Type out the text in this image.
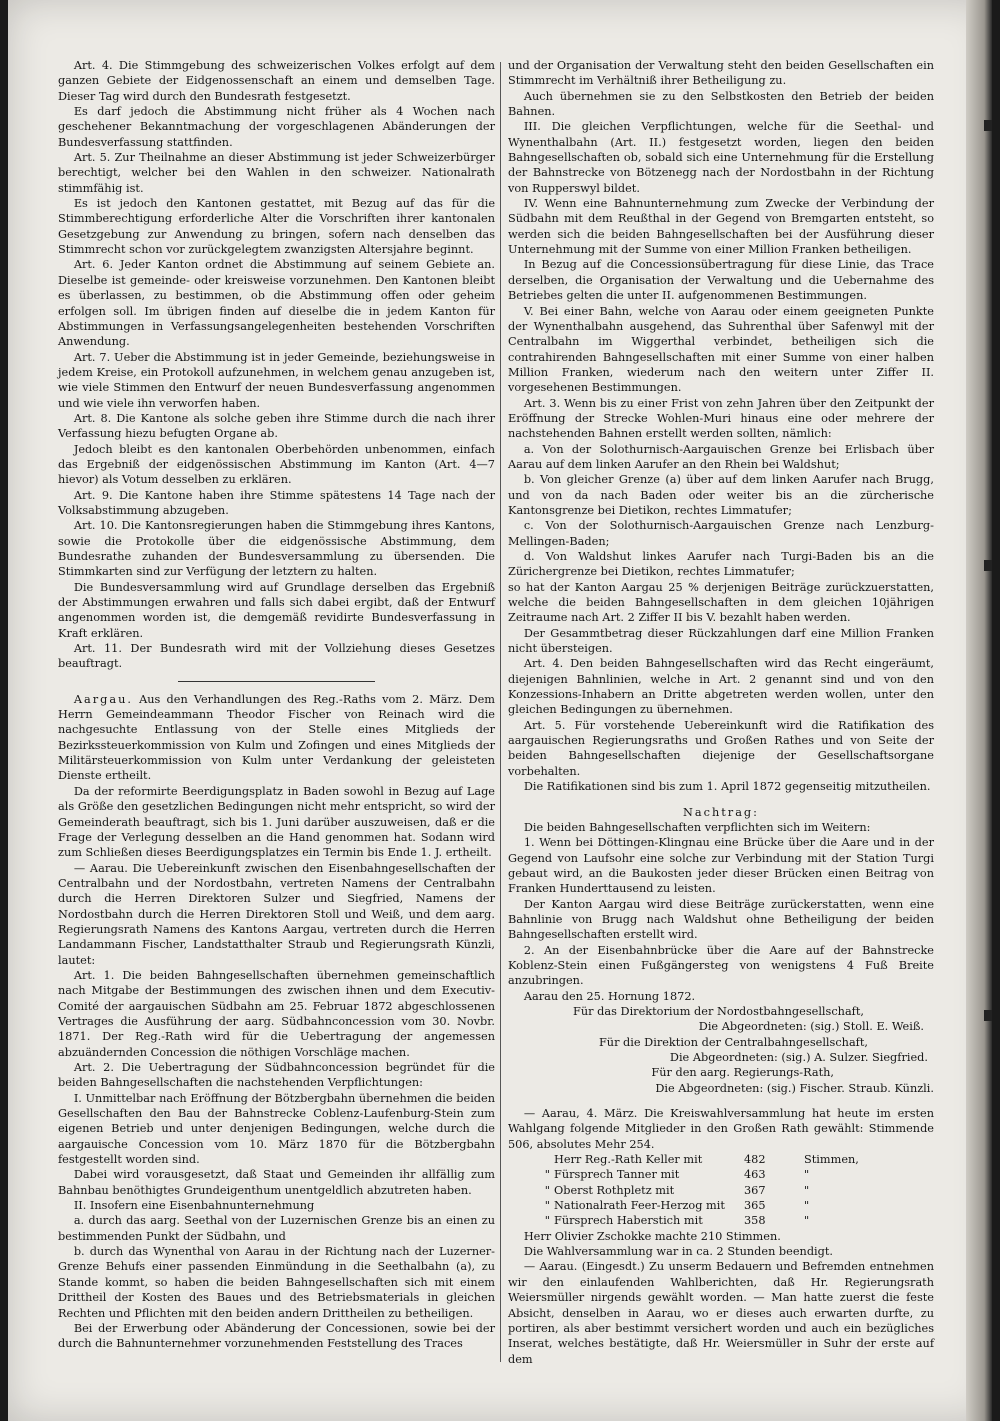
Art. 4. Die Stimmgebung des schweizerischen Volkes erfolgt auf dem ganzen Gebiete der Eidgenossenschaft an einem und demselben Tage. Dieser Tag wird durch den Bundesrath festgesetzt.

Es darf jedoch die Abstimmung nicht früher als 4 Wochen nach geschehener Bekanntmachung der vorgeschlagenen Abänderungen der Bundesverfassung stattfinden.

Art. 5. Zur Theilnahme an dieser Abstimmung ist jeder Schweizerbürger berechtigt, welcher bei den Wahlen in den schweizer. Nationalrath stimmfähig ist.

Es ist jedoch den Kantonen gestattet, mit Bezug auf das für die Stimmberechtigung erforderliche Alter die Vorschriften ihrer kantonalen Gesetzgebung zur Anwendung zu bringen, sofern nach denselben das Stimmrecht schon vor zurückgelegtem zwanzigsten Altersjahre beginnt.

Art. 6. Jeder Kanton ordnet die Abstimmung auf seinem Gebiete an. Dieselbe ist gemeinde- oder kreisweise vorzunehmen. Den Kantonen bleibt es überlassen, zu bestimmen, ob die Abstimmung offen oder geheim erfolgen soll. Im übrigen finden auf dieselbe die in jedem Kanton für Abstimmungen in Verfassungsangelegenheiten bestehenden Vorschriften Anwendung.

Art. 7. Ueber die Abstimmung ist in jeder Gemeinde, beziehungsweise in jedem Kreise, ein Protokoll aufzunehmen, in welchem genau anzugeben ist, wie viele Stimmen den Entwurf der neuen Bundesverfassung angenommen und wie viele ihn verworfen haben.

Art. 8. Die Kantone als solche geben ihre Stimme durch die nach ihrer Verfassung hiezu befugten Organe ab.

Jedoch bleibt es den kantonalen Oberbehörden unbenommen, einfach das Ergebniß der eidgenössischen Abstimmung im Kanton (Art. 4—7 hievor) als Votum desselben zu erklären.

Art. 9. Die Kantone haben ihre Stimme spätestens 14 Tage nach der Volksabstimmung abzugeben.

Art. 10. Die Kantonsregierungen haben die Stimmgebung ihres Kantons, sowie die Protokolle über die eidgenössische Abstimmung, dem Bundesrathe zuhanden der Bundesversammlung zu übersenden. Die Stimmkarten sind zur Verfügung der letztern zu halten.

Die Bundesversammlung wird auf Grundlage derselben das Ergebniß der Abstimmungen erwahren und falls sich dabei ergibt, daß der Entwurf angenommen worden ist, die demgemäß revidirte Bundesverfassung in Kraft erklären.

Art. 11. Der Bundesrath wird mit der Vollziehung dieses Gesetzes beauftragt.

Aargau. Aus den Verhandlungen des Reg.-Raths vom 2. März. Dem Herrn Gemeindeammann Theodor Fischer von Reinach wird die nachgesuchte Entlassung von der Stelle eines Mitglieds der Bezirkssteuerkommission von Kulm und Zofingen und eines Mitglieds der Militärsteuerkommission von Kulm unter Verdankung der geleisteten Dienste ertheilt.

Da der reformirte Beerdigungsplatz in Baden sowohl in Bezug auf Lage als Größe den gesetzlichen Bedingungen nicht mehr entspricht, so wird der Gemeinderath beauftragt, sich bis 1. Juni darüber auszuweisen, daß er die Frage der Verlegung desselben an die Hand genommen hat. Sodann wird zum Schließen dieses Beerdigungsplatzes ein Termin bis Ende 1. J. ertheilt.

— Aarau. Die Uebereinkunft zwischen den Eisenbahngesellschaften der Centralbahn und der Nordostbahn, vertreten Namens der Centralbahn durch die Herren Direktoren Sulzer und Siegfried, Namens der Nordostbahn durch die Herren Direktoren Stoll und Weiß, und dem aarg. Regierungsrath Namens des Kantons Aargau, vertreten durch die Herren Landammann Fischer, Landstatthalter Straub und Regierungsrath Künzli, lautet:

Art. 1. Die beiden Bahngesellschaften übernehmen gemeinschaftlich nach Mitgabe der Bestimmungen des zwischen ihnen und dem Executiv-Comité der aargauischen Südbahn am 25. Februar 1872 abgeschlossenen Vertrages die Ausführung der aarg. Südbahnconcession vom 30. Novbr. 1871. Der Reg.-Rath wird für die Uebertragung der angemessen abzuändernden Concession die nöthigen Vorschläge machen.

Art. 2. Die Uebertragung der Südbahnconcession begründet für die beiden Bahngesellschaften die nachstehenden Verpflichtungen:

I. Unmittelbar nach Eröffnung der Bötzbergbahn übernehmen die beiden Gesellschaften den Bau der Bahnstrecke Coblenz-Laufenburg-Stein zum eigenen Betrieb und unter denjenigen Bedingungen, welche durch die aargauische Concession vom 10. März 1870 für die Bötzbergbahn festgestellt worden sind.

Dabei wird vorausgesetzt, daß Staat und Gemeinden ihr allfällig zum Bahnbau benöthigtes Grundeigenthum unentgeldlich abzutreten haben.

II. Insofern eine Eisenbahnunternehmung

a. durch das aarg. Seethal von der Luzernischen Grenze bis an einen zu bestimmenden Punkt der Südbahn, und

b. durch das Wynenthal von Aarau in der Richtung nach der Luzerner-Grenze Behufs einer passenden Einmündung in die Seethalbahn (a), zu Stande kommt, so haben die beiden Bahngesellschaften sich mit einem Drittheil der Kosten des Baues und des Betriebsmaterials in gleichen Rechten und Pflichten mit den beiden andern Drittheilen zu betheiligen.

Bei der Erwerbung oder Abänderung der Concessionen, sowie bei der durch die Bahnunternehmer vorzunehmenden Feststellung des Traces

und der Organisation der Verwaltung steht den beiden Gesellschaften ein Stimmrecht im Verhältniß ihrer Betheiligung zu.

Auch übernehmen sie zu den Selbstkosten den Betrieb der beiden Bahnen.

III. Die gleichen Verpflichtungen, welche für die Seethal- und Wynenthalbahn (Art. II.) festgesetzt worden, liegen den beiden Bahngesellschaften ob, sobald sich eine Unternehmung für die Erstellung der Bahnstrecke von Bötzenegg nach der Nordostbahn in der Richtung von Rupperswyl bildet.

IV. Wenn eine Bahnunternehmung zum Zwecke der Verbindung der Südbahn mit dem Reußthal in der Gegend von Bremgarten entsteht, so werden sich die beiden Bahngesellschaften bei der Ausführung dieser Unternehmung mit der Summe von einer Million Franken betheiligen.

In Bezug auf die Concessionsübertragung für diese Linie, das Trace derselben, die Organisation der Verwaltung und die Uebernahme des Betriebes gelten die unter II. aufgenommenen Bestimmungen.

V. Bei einer Bahn, welche von Aarau oder einem geeigneten Punkte der Wynenthalbahn ausgehend, das Suhrenthal über Safenwyl mit der Centralbahn im Wiggerthal verbindet, betheiligen sich die contrahirenden Bahngesellschaften mit einer Summe von einer halben Million Franken, wiederum nach den weitern unter Ziffer II. vorgesehenen Bestimmungen.

Art. 3. Wenn bis zu einer Frist von zehn Jahren über den Zeitpunkt der Eröffnung der Strecke Wohlen-Muri hinaus eine oder mehrere der nachstehenden Bahnen erstellt werden sollten, nämlich:

a. Von der Solothurnisch-Aargauischen Grenze bei Erlisbach über Aarau auf dem linken Aarufer an den Rhein bei Waldshut;

b. Von gleicher Grenze (a) über auf dem linken Aarufer nach Brugg, und von da nach Baden oder weiter bis an die zürcherische Kantonsgrenze bei Dietikon, rechtes Limmatufer;

c. Von der Solothurnisch-Aargauischen Grenze nach Lenzburg-Mellingen-Baden;

d. Von Waldshut linkes Aarufer nach Turgi-Baden bis an die Zürichergrenze bei Dietikon, rechtes Limmatufer;

so hat der Kanton Aargau 25 % derjenigen Beiträge zurückzuerstatten, welche die beiden Bahngesellschaften in dem gleichen 10jährigen Zeitraume nach Art. 2 Ziffer II bis V. bezahlt haben werden.

Der Gesammtbetrag dieser Rückzahlungen darf eine Million Franken nicht übersteigen.

Art. 4. Den beiden Bahngesellschaften wird das Recht eingeräumt, diejenigen Bahnlinien, welche in Art. 2 genannt sind und von den Konzessions-Inhabern an Dritte abgetreten werden wollen, unter den gleichen Bedingungen zu übernehmen.

Art. 5. Für vorstehende Uebereinkunft wird die Ratifikation des aargauischen Regierungsraths und Großen Rathes und von Seite der beiden Bahngesellschaften diejenige der Gesellschaftsorgane vorbehalten.

Die Ratifikationen sind bis zum 1. April 1872 gegenseitig mitzutheilen.

Nachtrag:

Die beiden Bahngesellschaften verpflichten sich im Weitern:

1. Wenn bei Döttingen-Klingnau eine Brücke über die Aare und in der Gegend von Laufsohr eine solche zur Verbindung mit der Station Turgi gebaut wird, an die Baukosten jeder dieser Brücken einen Beitrag von Franken Hunderttausend zu leisten.

Der Kanton Aargau wird diese Beiträge zurückerstatten, wenn eine Bahnlinie von Brugg nach Waldshut ohne Betheiligung der beiden Bahngesellschaften erstellt wird.

2. An der Eisenbahnbrücke über die Aare auf der Bahnstrecke Koblenz-Stein einen Fußgängersteg von wenigstens 4 Fuß Breite anzubringen.

Aarau den 25. Hornung 1872.

Für das Direktorium der Nordostbahngesellschaft,

Die Abgeordneten: (sig.) Stoll. E. Weiß.

Für die Direktion der Centralbahngesellschaft,

Die Abgeordneten: (sig.) A. Sulzer. Siegfried.

Für den aarg. Regierungs-Rath,

Die Abgeordneten: (sig.) Fischer. Straub. Künzli.

— Aarau, 4. März. Die Kreiswahlversammlung hat heute im ersten Wahlgang folgende Mitglieder in den Großen Rath gewählt: Stimmende 506, absolutes Mehr 254.

Herr Reg.-Rath Keller mit	482	Stimmen,
" Fürsprech Tanner mit	463	"
" Oberst Rothpletz mit	367	"
" Nationalrath Feer-Herzog mit	365	"
" Fürsprech Haberstich mit	358	"

Herr Olivier Zschokke machte 210 Stimmen.

Die Wahlversammlung war in ca. 2 Stunden beendigt.

— Aarau. (Eingesdt.) Zu unserm Bedauern und Befremden entnehmen wir den einlaufenden Wahlberichten, daß Hr. Regierungsrath Weiersmüller nirgends gewählt worden. — Man hatte zuerst die feste Absicht, denselben in Aarau, wo er dieses auch erwarten durfte, zu portiren, als aber bestimmt versichert worden und auch ein bezügliches Inserat, welches bestätigte, daß Hr. Weiersmüller in Suhr der erste auf dem
